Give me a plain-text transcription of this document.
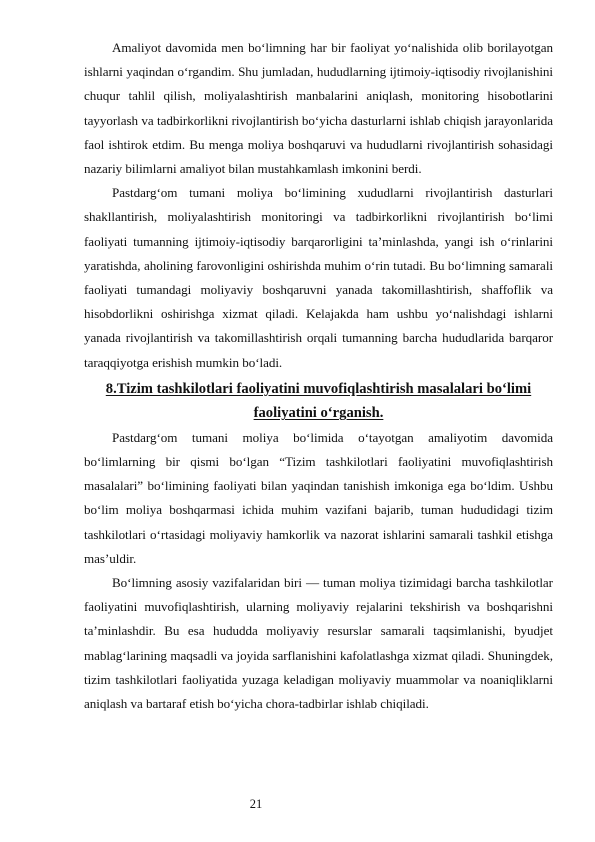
Amaliyot davomida men bo‘limning har bir faoliyat yo‘nalishida olib borilayotgan ishlarni yaqindan o‘rgandim. Shu jumladan, hududlarning ijtimoiy-iqtisodiy rivojlanishini chuqur tahlil qilish, moliyalashtirish manbalarini aniqlash, monitoring hisobotlarini tayyorlash va tadbirkorlikni rivojlantirish bo‘yicha dasturlarni ishlab chiqish jarayonlarida faol ishtirok etdim. Bu menga moliya boshqaruvi va hududlarni rivojlantirish sohasidagi nazariy bilimlarni amaliyot bilan mustahkamlash imkonini berdi.

Pastdarg‘om tumani moliya bo‘limining xududlarni rivojlantirish dasturlari shakllantirish, moliyalashtirish monitoringi va tadbirkorlikni rivojlantirish bo‘limi faoliyati tumanning ijtimoiy-iqtisodiy barqarorligini ta’minlashda, yangi ish o‘rinlarini yaratishda, aholining farovonligini oshirishda muhim o‘rin tutadi. Bu bo‘limning samarali faoliyati tumandagi moliyaviy boshqaruvni yanada takomillashtirish, shaffoflik va hisobdorlikni oshirishga xizmat qiladi. Kelajakda ham ushbu yo‘nalishdagi ishlarni yanada rivojlantirish va takomillashtirish orqali tumanning barcha hududlarida barqaror taraqqiyotga erishish mumkin bo‘ladi.

8.Tizim tashkilotlari faoliyatini muvofiqlashtirish masalalari bo‘limi faoliyatini o‘rganish.

Pastdarg‘om tumani moliya bo‘limida o‘tayotgan amaliyotim davomida bo‘limlarning bir qismi bo‘lgan “Tizim tashkilotlari faoliyatini muvofiqlashtirish masalalari” bo‘limining faoliyati bilan yaqindan tanishish imkoniga ega bo‘ldim. Ushbu bo‘lim moliya boshqarmasi ichida muhim vazifani bajarib, tuman hududidagi tizim tashkilotlari o‘rtasidagi moliyaviy hamkorlik va nazorat ishlarini samarali tashkil etishga mas’uldir.

Bo‘limning asosiy vazifalaridan biri — tuman moliya tizimidagi barcha tashkilotlar faoliyatini muvofiqlashtirish, ularning moliyaviy rejalarini tekshirish va boshqarishni ta’minlashdir. Bu esa hududda moliyaviy resurslar samarali taqsimlanishi, byudjet mablag‘larining maqsadli va joyida sarflanishini kafolatlashga xizmat qiladi. Shuningdek, tizim tashkilotlari faoliyatida yuzaga keladigan moliyaviy muammolar va noaniqliklarni aniqlash va bartaraf etish bo‘yicha chora-tadbirlar ishlab chiqiladi.

21
